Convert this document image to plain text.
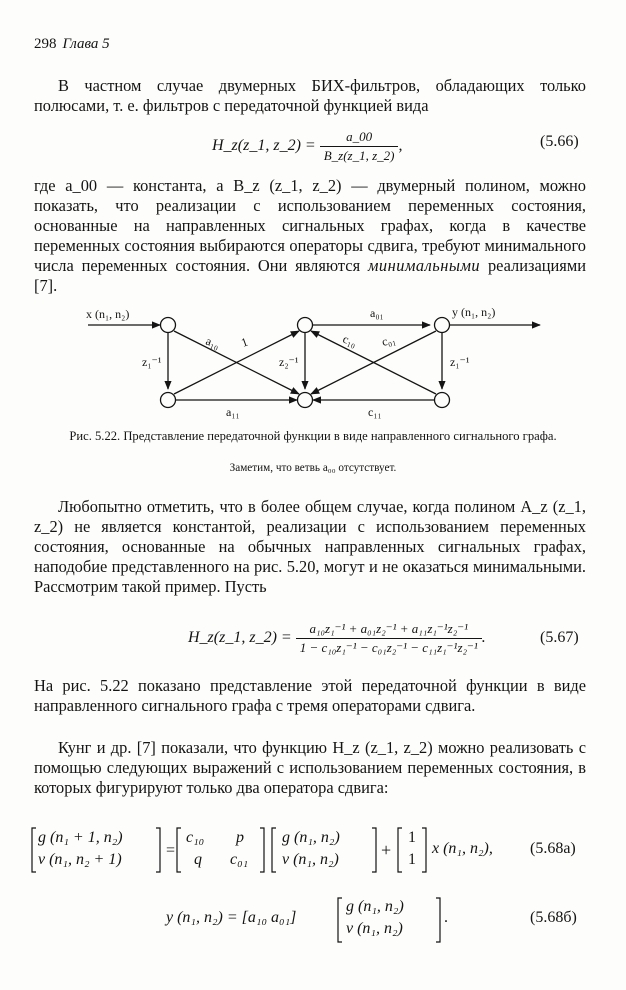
298 Глава 5
В частном случае двумерных БИХ-фильтров, обладающих только полюсами, т. е. фильтров с передаточной функцией вида
H_z(z_1, z_2) = $\frac{a\_00}{B\_z(z\_1, z\_2)}$ ,	(5.66)
где a_00 — константа, а B_z (z_1, z_2) — двумерный полином, можно показать, что реализации с использованием переменных состояния, основанные на направленных сигнальных графах, когда в качестве переменных состояния выбираются операторы сдвига, требуют минимального числа переменных состояния. Они являются минимальными реализациями [7].
x (n₁, n₂)	y (n₁, n₂)
a₀₁
a₁₀ 1	c₁₀ c₀₁
a₁₁	c₁₁
z₁⁻¹	z₂⁻¹	z₁⁻¹
Рис. 5.22. Представление передаточной функции в виде направленного сигнального графа.
Заметим, что ветвь a₀₀ отсутствует.
Любопытно отметить, что в более общем случае, когда полином A_z (z_1, z_2) не является константой, реализации с использованием переменных состояния, основанные на обычных направленных сигнальных графах, наподобие представленного на рис. 5.20, могут и не оказаться минимальными. Рассмотрим такой пример. Пусть
H_z(z_1, z_2) = $\frac{\text{a₁₀z₁⁻¹ + a₀₁z₂⁻¹ + a₁₁z₁⁻¹z₂⁻¹}}{\text{1 − c₁₀z₁⁻¹ − c₀₁z₂⁻¹ − c₁₁z₁⁻¹z₂⁻¹}}$ .	(5.67)
На рис. 5.22 показано представление этой передаточной функции в виде направленного сигнального графа с тремя операторами сдвига.
Кунг и др. [7] показали, что функцию H_z (z_1, z_2) можно реализовать с помощью следующих выражений с использованием переменных состояния, в которых фигурируют только два оператора сдвига:
=	+
g (n₁ + 1, n₂)
v (n₁, n₂ + 1)
c₁₀ p
q c₀₁
g (n₁, n₂)
v (n₁, n₂)
1
1
x (n₁, n₂), (5.68а)
y (n₁, n₂) = [a₁₀ a₀₁]
g (n₁, n₂)
v (n₁, n₂)
.	(5.68б)
